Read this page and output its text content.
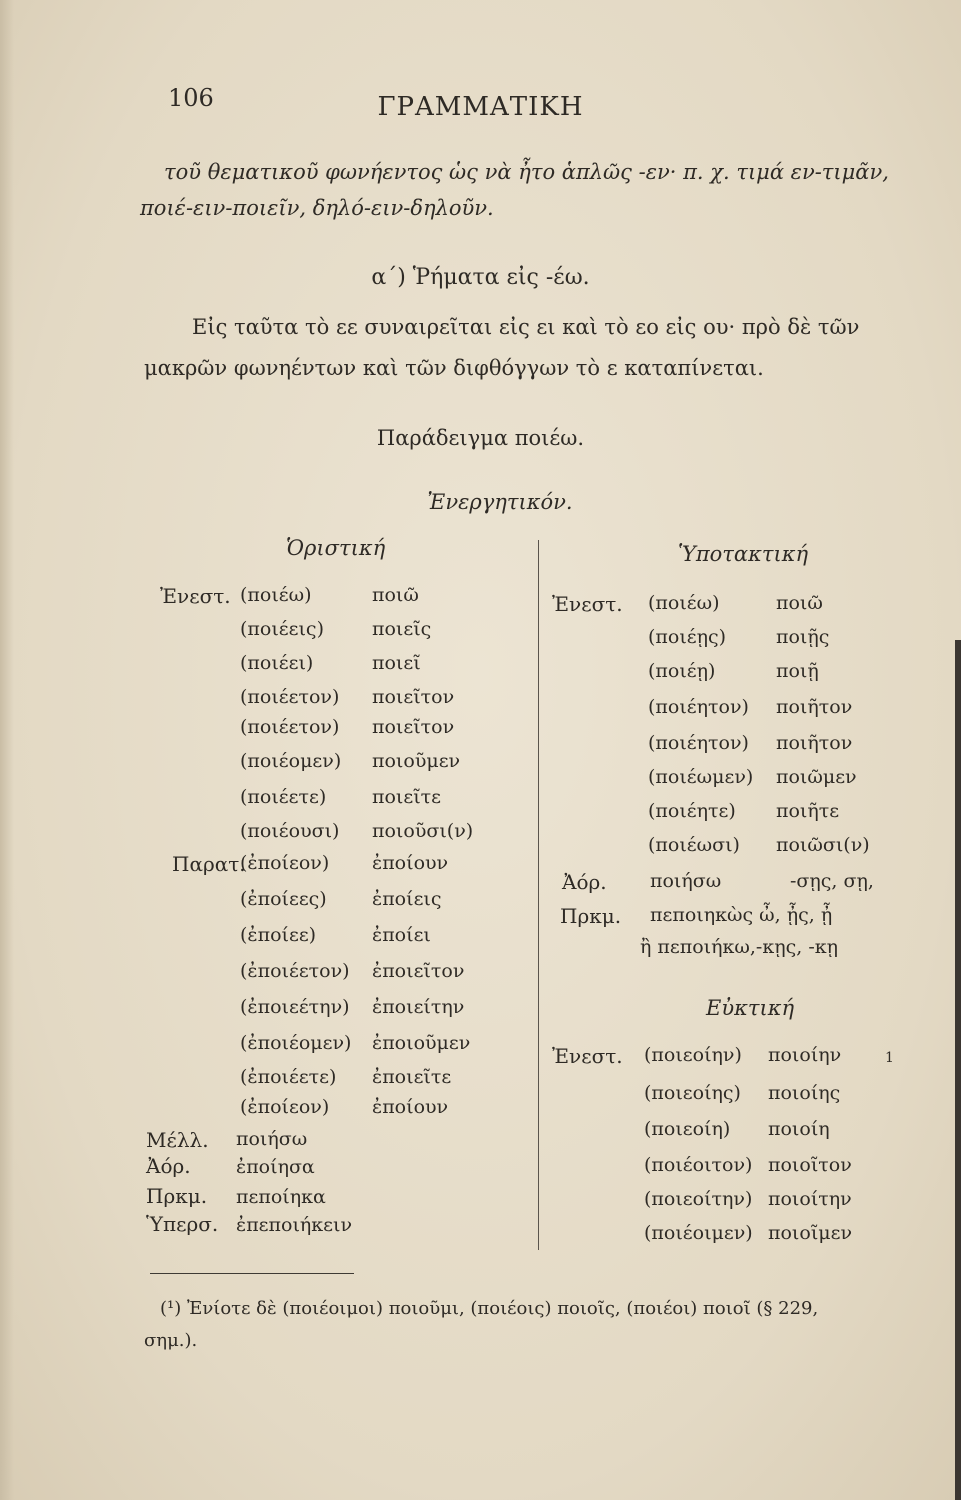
106	ΓΡΑΜΜΑΤΙΚΗ
τοῦ θεματικοῦ φωνήεντος ὡς νὰ ἦτο ἁπλῶς -εν· π. χ. τιμά εν-τιμᾶν,
ποιέ-ειν-ποιεῖν, δηλό-ειν-δηλοῦν.
α΄) Ῥήματα εἰς -έω.
Εἰς ταῦτα τὸ εε συναιρεῖται εἰς ει καὶ τὸ εο εἰς ου· πρὸ δὲ τῶν
μακρῶν φωνηέντων καὶ τῶν διφθόγγων τὸ ε καταπίνεται.
Παράδειγμα ποιέω.
Ἐνεργητικόν.
Ὁριστική
Ἐνεστ.
Παρατ.
(ποιέω)
(ποιέεις)
(ποιέει)
(ποιέετον)
(ποιέετον)
(ποιέομεν)
(ποιέετε)
(ποιέουσι)
(ἐποίεον)
(ἐποίεες)
(ἐποίεε)
(ἐποιέετον)
(ἐποιεέτην)
(ἐποιέομεν)
(ἐποιέετε)
(ἐποίεον)
ποιῶ
ποιεῖς
ποιεῖ
ποιεῖτον
ποιεῖτον
ποιοῦμεν
ποιεῖτε
ποιοῦσι(ν)
ἐποίουν
ἐποίεις
ἐποίει
ἐποιεῖτον
ἐποιείτην
ἐποιοῦμεν
ἐποιεῖτε
ἐποίουν
Μέλλ.
Ἀόρ.
Πρκμ.
Ὑπερσ.
ποιήσω
ἐποίησα
πεποίηκα
ἐπεποιήκειν
Ὑποτακτική
Ἐνεστ. (ποιέω)
(ποιέῃς)
(ποιέῃ)
(ποιέητον)
(ποιέητον)
(ποιέωμεν)
(ποιέητε)
(ποιέωσι)
ποιῶ
ποιῇς
ποιῇ
ποιῆτον
ποιῆτον
ποιῶμεν
ποιῆτε
ποιῶσι(ν)
Ἀόρ. ποιήσω	-σῃς, σῃ,
Πρκμ. πεποιηκὼς ὦ, ᾖς, ᾖ
ἢ πεποιήκω,-κῃς, -κῃ
Εὐκτική
Ἐνεστ. (ποιεοίην)
(ποιεοίης)
(ποιεοίη)
(ποιέοιτον)
(ποιεοίτην)
(ποιέοιμεν)
ποιοίην
ποιοίης
ποιοίη
ποιοῖτον
ποιοίτην
ποιοῖμεν
1
(¹) Ἐνίοτε δὲ (ποιέοιμοι) ποιοῦμι, (ποιέοις) ποιοῖς, (ποιέοι) ποιοῖ (§ 229,
σημ.).
